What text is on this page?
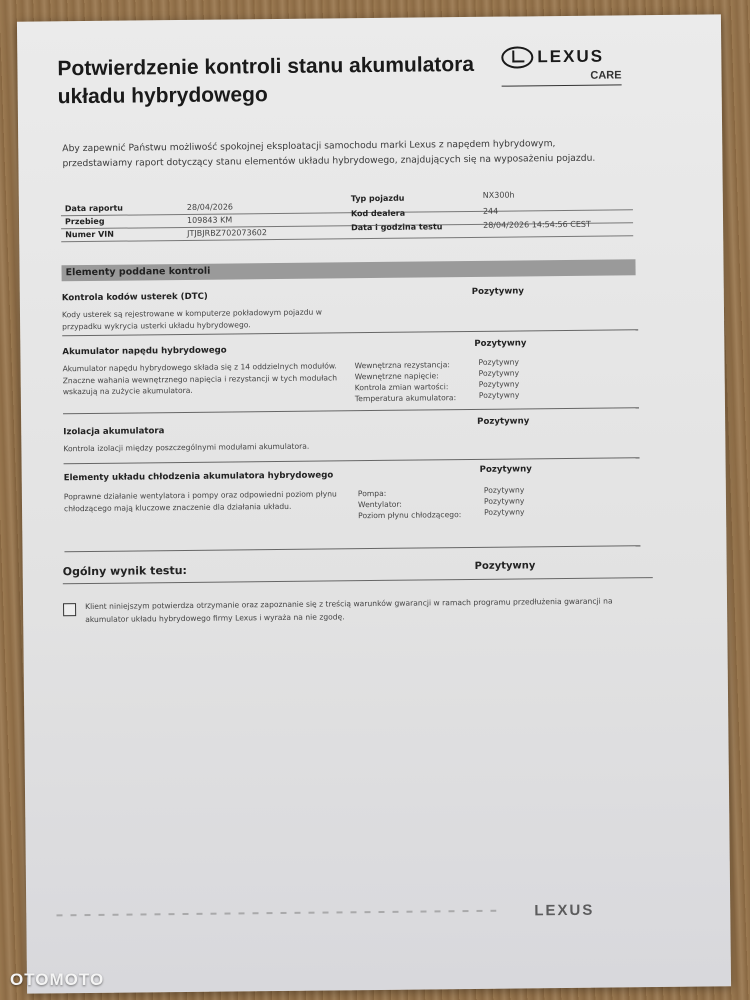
Potwierdzenie kontroli stanu akumulatora układu hybrydowego
LEXUS
CARE
Aby zapewnić Państwu możliwość spokojnej eksploatacji samochodu marki Lexus z napędem hybrydowym, przedstawiamy raport dotyczący stanu elementów układu hybrydowego, znajdujących się na wyposażeniu pojazdu.
Data raportu	28/04/2026
Typ pojazdu	NX300h
Przebieg	109843 KM
Kod dealera	244
Numer VIN	JTJBJRBZ702073602
Data i godzina testu	28/04/2026 14:54:56 CEST
Elementy poddane kontroli
Kontrola kodów usterek (DTC)
Pozytywny
Kody usterek są rejestrowane w komputerze pokładowym pojazdu w przypadku wykrycia usterki układu hybrydowego.
Akumulator napędu hybrydowego
Pozytywny
Akumulator napędu hybrydowego składa się z 14 oddzielnych modułów. Znaczne wahania wewnętrznego napięcia i rezystancji w tych modułach wskazują na zużycie akumulatora.
Wewnętrzna rezystancja:	Pozytywny
Wewnętrzne napięcie:	Pozytywny
Kontrola zmian wartości:	Pozytywny
Temperatura akumulatora:	Pozytywny
Izolacja akumulatora
Pozytywny
Kontrola izolacji między poszczególnymi modułami akumulatora.
Elementy układu chłodzenia akumulatora hybrydowego
Pozytywny
Poprawne działanie wentylatora i pompy oraz odpowiedni poziom płynu chłodzącego mają kluczowe znaczenie dla działania układu.
Pompa:	Pozytywny
Wentylator:	Pozytywny
Poziom płynu chłodzącego:	Pozytywny
Ogólny wynik testu:	Pozytywny
Klient niniejszym potwierdza otrzymanie oraz zapoznanie się z treścią warunków gwarancji w ramach programu przedłużenia gwarancji na akumulator układu hybrydowego firmy Lexus i wyraża na nie zgodę.
LEXUS
OTOMOTO
